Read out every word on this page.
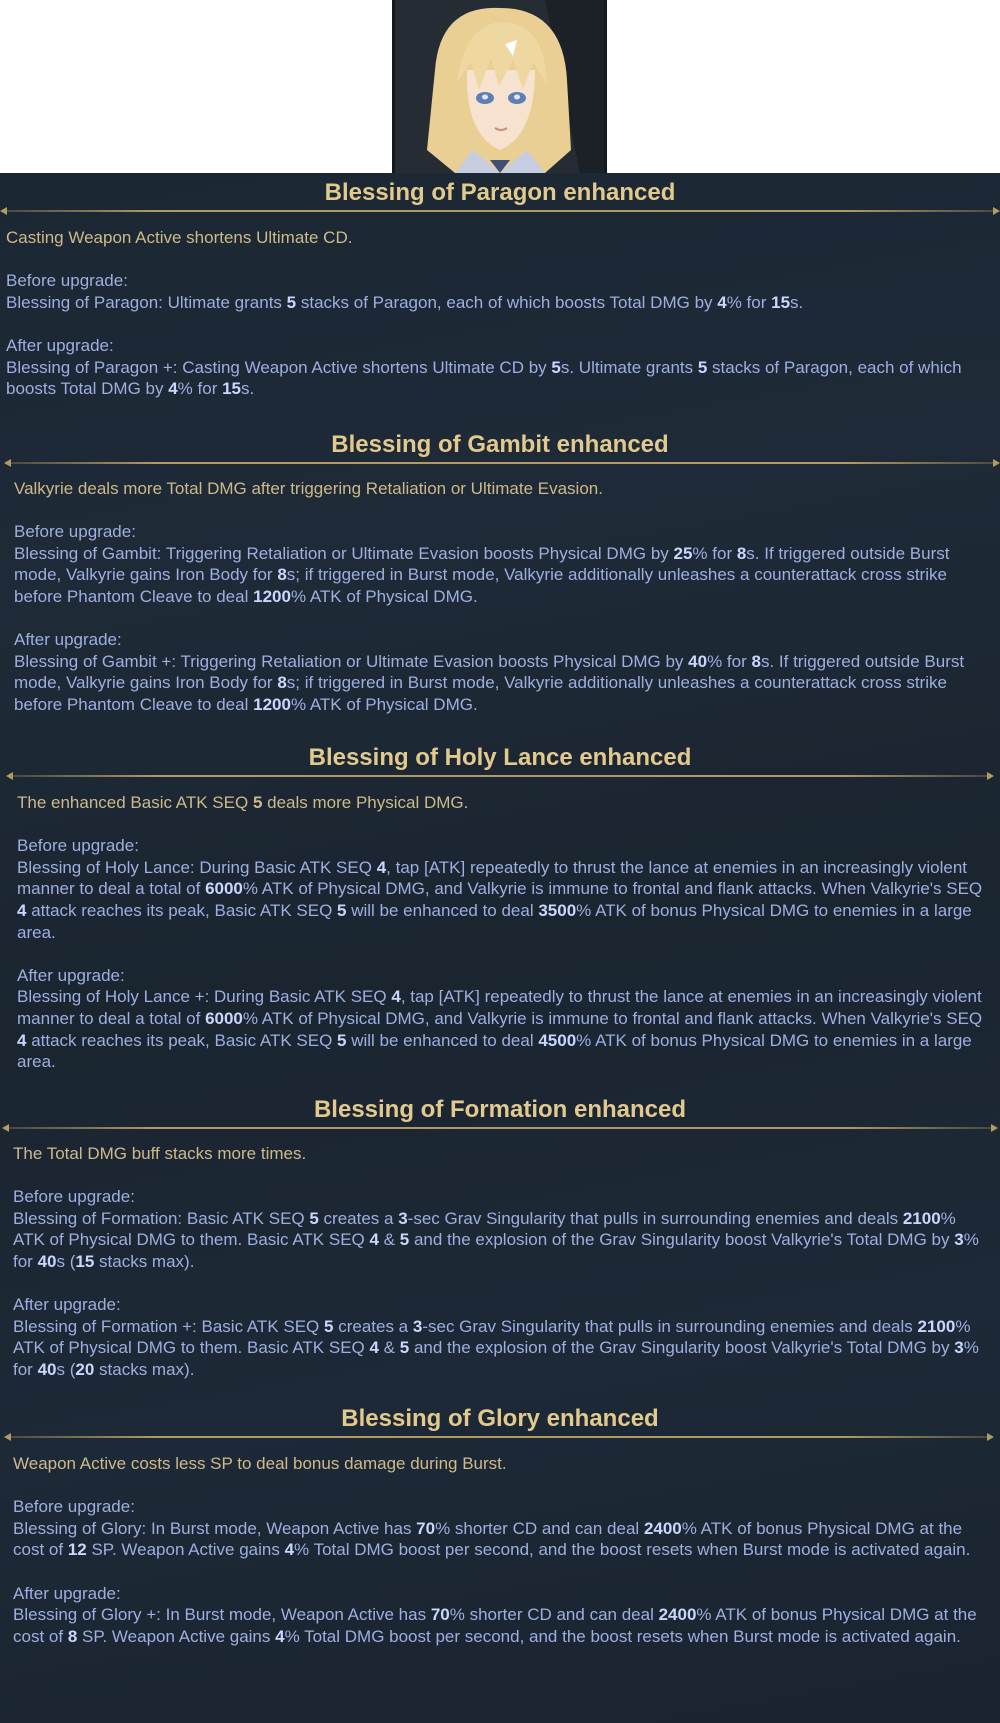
Blessing of Paragon enhanced

Casting Weapon Active shortens Ultimate CD.

Before upgrade:

Blessing of Paragon: Ultimate grants 5 stacks of Paragon, each of which boosts Total DMG by 4% for 15s.

After upgrade:

Blessing of Paragon +: Casting Weapon Active shortens Ultimate CD by 5s. Ultimate grants 5 stacks of Paragon, each of which boosts Total DMG by 4% for 15s.

Blessing of Gambit enhanced

Valkyrie deals more Total DMG after triggering Retaliation or Ultimate Evasion.

Before upgrade:

Blessing of Gambit: Triggering Retaliation or Ultimate Evasion boosts Physical DMG by 25% for 8s. If triggered outside Burst mode, Valkyrie gains Iron Body for 8s; if triggered in Burst mode, Valkyrie additionally unleashes a counterattack cross strike before Phantom Cleave to deal 1200% ATK of Physical DMG.

After upgrade:

Blessing of Gambit +: Triggering Retaliation or Ultimate Evasion boosts Physical DMG by 40% for 8s. If triggered outside Burst mode, Valkyrie gains Iron Body for 8s; if triggered in Burst mode, Valkyrie additionally unleashes a counterattack cross strike before Phantom Cleave to deal 1200% ATK of Physical DMG.

Blessing of Holy Lance enhanced

The enhanced Basic ATK SEQ 5 deals more Physical DMG.

Before upgrade:

Blessing of Holy Lance: During Basic ATK SEQ 4, tap [ATK] repeatedly to thrust the lance at enemies in an increasingly violent manner to deal a total of 6000% ATK of Physical DMG, and Valkyrie is immune to frontal and flank attacks. When Valkyrie's SEQ 4 attack reaches its peak, Basic ATK SEQ 5 will be enhanced to deal 3500% ATK of bonus Physical DMG to enemies in a large area.

After upgrade:

Blessing of Holy Lance +: During Basic ATK SEQ 4, tap [ATK] repeatedly to thrust the lance at enemies in an increasingly violent manner to deal a total of 6000% ATK of Physical DMG, and Valkyrie is immune to frontal and flank attacks. When Valkyrie's SEQ 4 attack reaches its peak, Basic ATK SEQ 5 will be enhanced to deal 4500% ATK of bonus Physical DMG to enemies in a large area.

Blessing of Formation enhanced

The Total DMG buff stacks more times.

Before upgrade:

Blessing of Formation: Basic ATK SEQ 5 creates a 3-sec Grav Singularity that pulls in surrounding enemies and deals 2100% ATK of Physical DMG to them. Basic ATK SEQ 4 & 5 and the explosion of the Grav Singularity boost Valkyrie's Total DMG by 3% for 40s (15 stacks max).

After upgrade:

Blessing of Formation +: Basic ATK SEQ 5 creates a 3-sec Grav Singularity that pulls in surrounding enemies and deals 2100% ATK of Physical DMG to them. Basic ATK SEQ 4 & 5 and the explosion of the Grav Singularity boost Valkyrie's Total DMG by 3% for 40s (20 stacks max).

Blessing of Glory enhanced

Weapon Active costs less SP to deal bonus damage during Burst.

Before upgrade:

Blessing of Glory: In Burst mode, Weapon Active has 70% shorter CD and can deal 2400% ATK of bonus Physical DMG at the cost of 12 SP. Weapon Active gains 4% Total DMG boost per second, and the boost resets when Burst mode is activated again.

After upgrade:

Blessing of Glory +: In Burst mode, Weapon Active has 70% shorter CD and can deal 2400% ATK of bonus Physical DMG at the cost of 8 SP. Weapon Active gains 4% Total DMG boost per second, and the boost resets when Burst mode is activated again.
